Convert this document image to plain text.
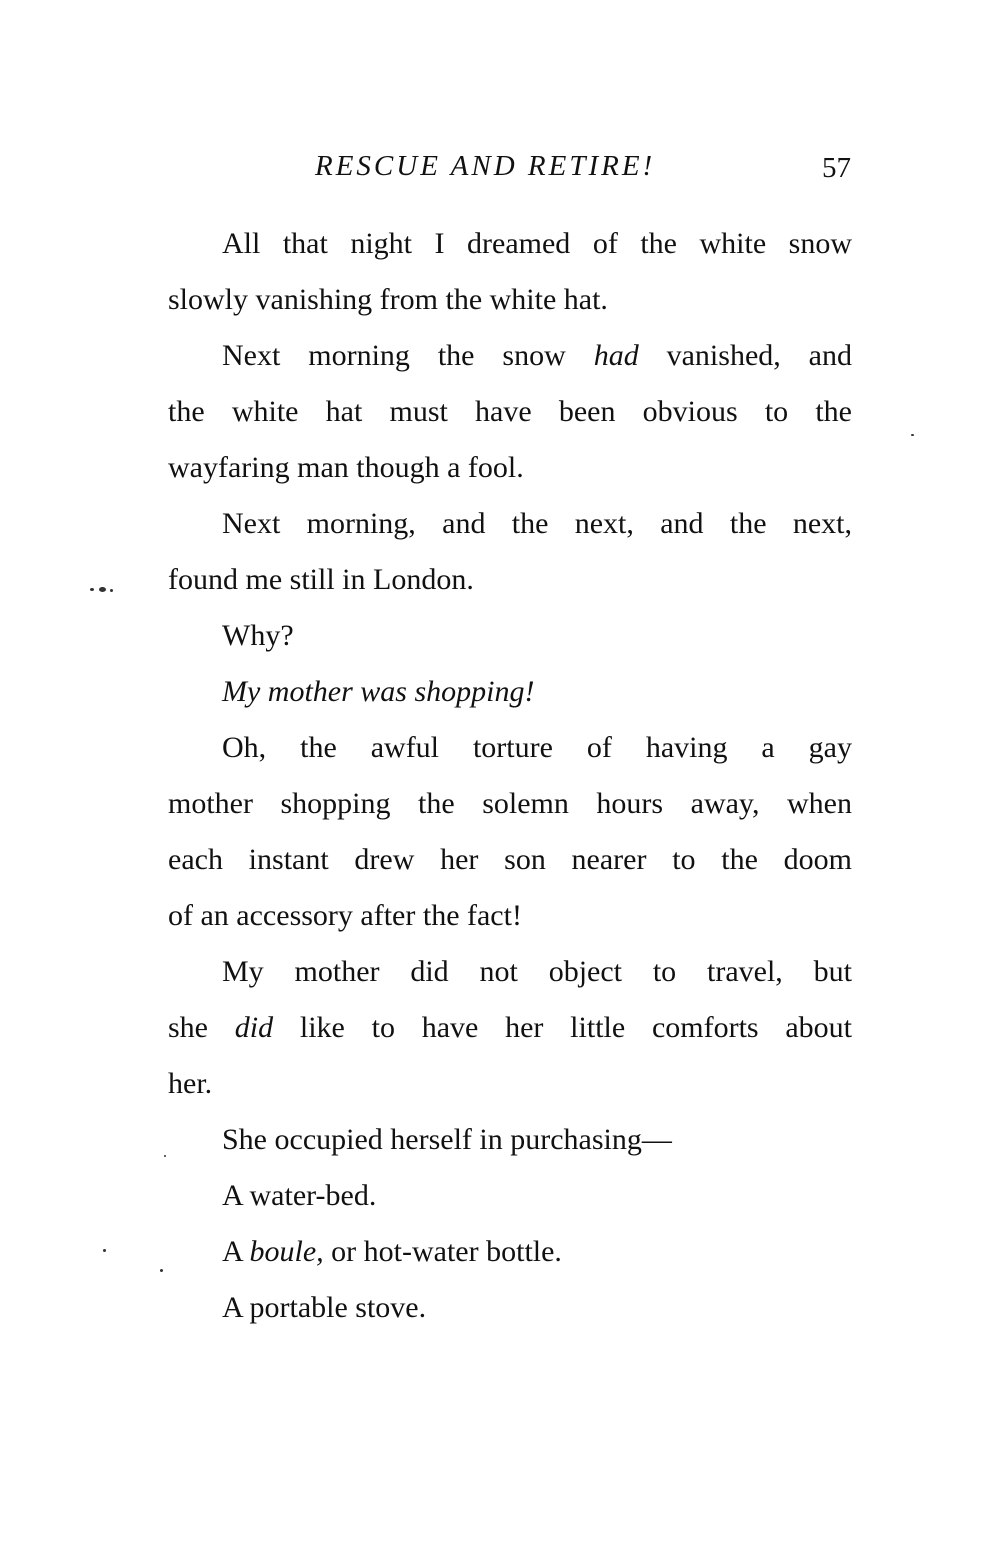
RESCUE AND RETIRE!	57

All that night I dreamed of the white snow
slowly vanishing from the white hat.

Next morning the snow had vanished, and
the white hat must have been obvious to the
wayfaring man though a fool.

Next morning, and the next, and the next,
found me still in London.

Why?

My mother was shopping!

Oh, the awful torture of having a gay
mother shopping the solemn hours away, when
each instant drew her son nearer to the doom
of an accessory after the fact!

My mother did not object to travel, but
she did like to have her little comforts about
her.

She occupied herself in purchasing—

A water-bed.

A boule, or hot-water bottle.

A portable stove.
